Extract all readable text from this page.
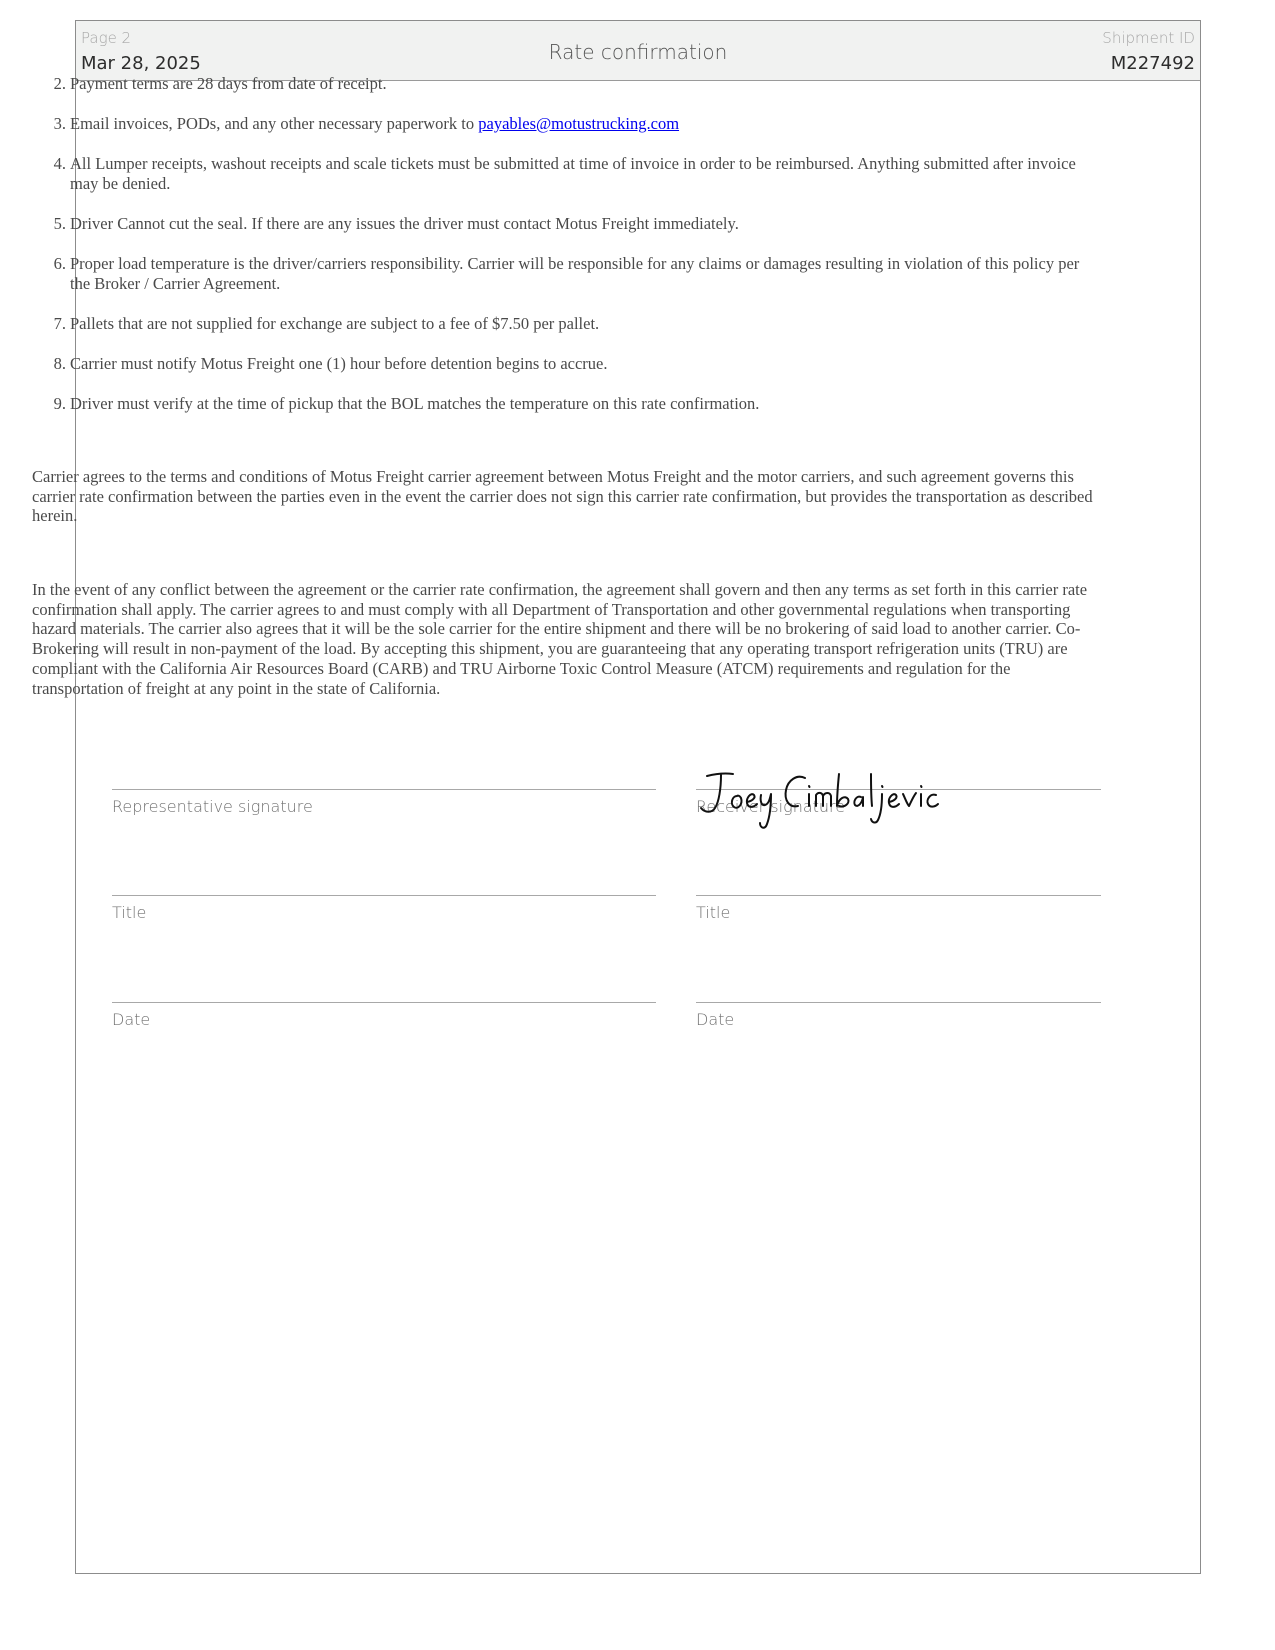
Page 2
Mar 28, 2025	Rate confirmation
Shipment ID
M227492
2. Payment terms are 28 days from date of receipt.
3. Email invoices, PODs, and any other necessary paperwork to payables@motustrucking.com
4. All Lumper receipts, washout receipts and scale tickets must be submitted at time of invoice in order to be reimbursed. Anything submitted after invoice may be denied.
5. Driver Cannot cut the seal. If there are any issues the driver must contact Motus Freight immediately.
6. Proper load temperature is the driver/carriers responsibility. Carrier will be responsible for any claims or damages resulting in violation of this policy per the Broker / Carrier Agreement.
7. Pallets that are not supplied for exchange are subject to a fee of $7.50 per pallet.
8. Carrier must notify Motus Freight one (1) hour before detention begins to accrue.
9. Driver must verify at the time of pickup that the BOL matches the temperature on this rate confirmation.

Carrier agrees to the terms and conditions of Motus Freight carrier agreement between Motus Freight and the motor carriers, and such agreement governs this carrier rate confirmation between the parties even in the event the carrier does not sign this carrier rate confirmation, but provides the transportation as described herein.

In the event of any conflict between the agreement or the carrier rate confirmation, the agreement shall govern and then any terms as set forth in this carrier rate confirmation shall apply. The carrier agrees to and must comply with all Department of Transportation and other governmental regulations when transporting hazard materials. The carrier also agrees that it will be the sole carrier for the entire shipment and there will be no brokering of said load to another carrier. Co-Brokering will result in non-payment of the load. By accepting this shipment, you are guaranteeing that any operating transport refrigeration units (TRU) are compliant with the California Air Resources Board (CARB) and TRU Airborne Toxic Control Measure (ATCM) requirements and regulation for the transportation of freight at any point in the state of California.

Representative signature	Receiver signature
Title	Title
Date	Date
